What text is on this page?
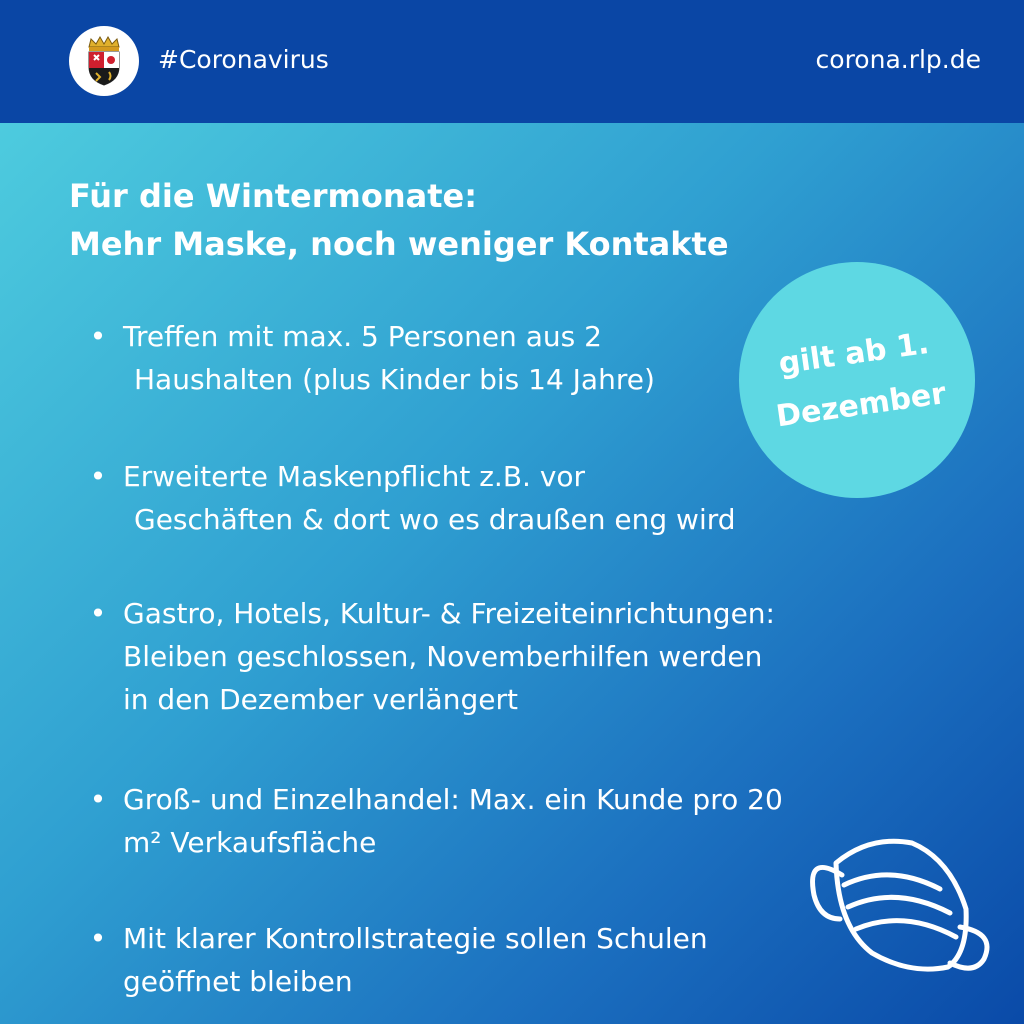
#Coronavirus	corona.rlp.de
Für die Wintermonate:
Mehr Maske, noch weniger Kontakte
gilt ab 1.
Dezember
• Treffen mit max. 5 Personen aus 2
Haushalten (plus Kinder bis 14 Jahre)
• Erweiterte Maskenpflicht z.B. vor
Geschäften & dort wo es draußen eng wird
• Gastro, Hotels, Kultur- & Freizeiteinrichtungen:
Bleiben geschlossen, Novemberhilfen werden
in den Dezember verlängert
• Groß- und Einzelhandel: Max. ein Kunde pro 20
m² Verkaufsfläche
• Mit klarer Kontrollstrategie sollen Schulen
geöffnet bleiben
